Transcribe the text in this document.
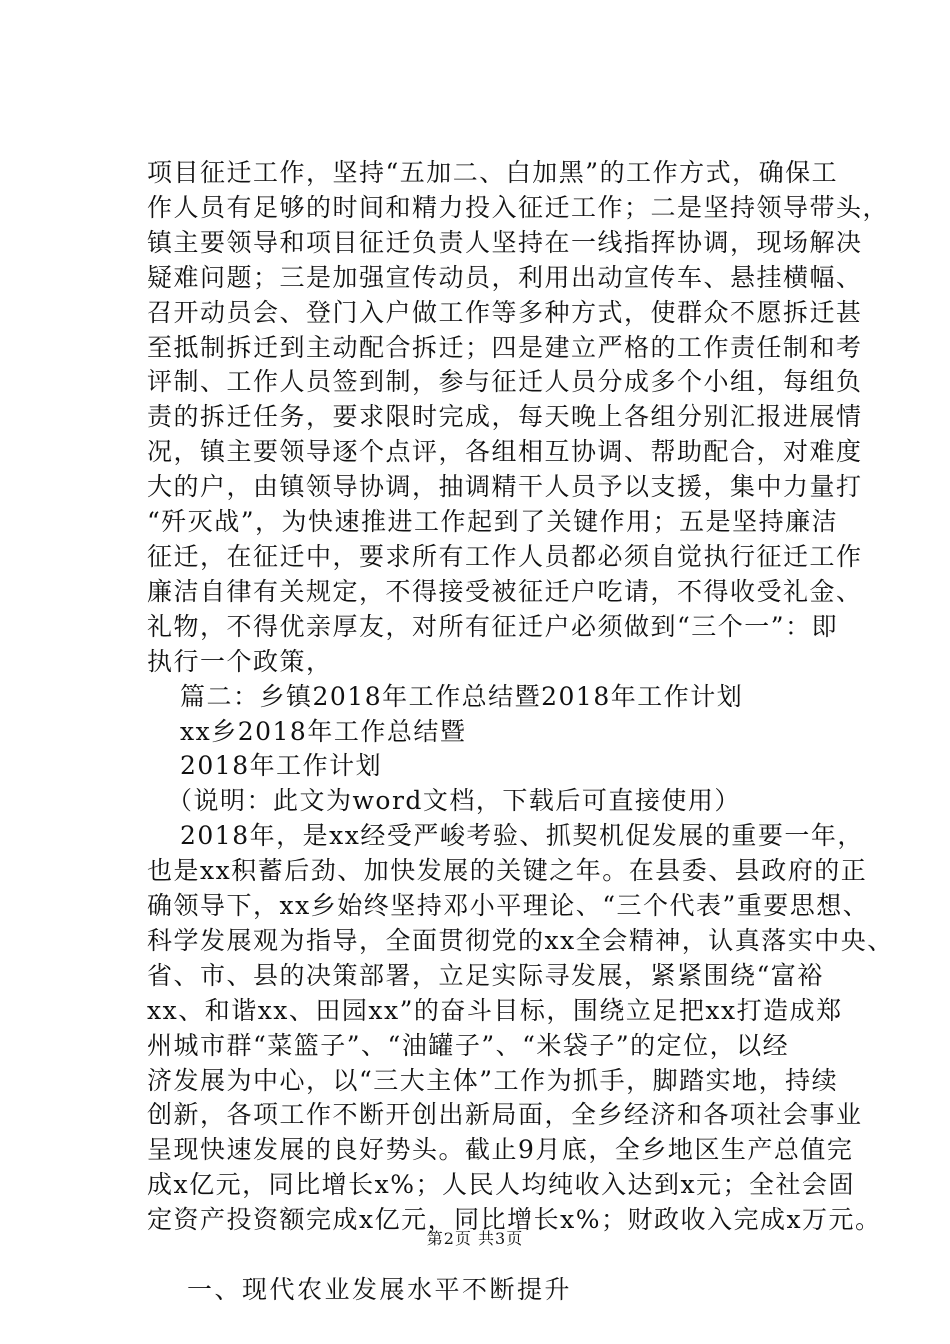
项目征迁工作，坚持“五加二、白加黑”的工作方式，确保工

作人员有足够的时间和精力投入征迁工作；二是坚持领导带头，

镇主要领导和项目征迁负责人坚持在一线指挥协调，现场解决

疑难问题；三是加强宣传动员，利用出动宣传车、悬挂横幅、

召开动员会、登门入户做工作等多种方式，使群众不愿拆迁甚

至抵制拆迁到主动配合拆迁；四是建立严格的工作责任制和考

评制、工作人员签到制，参与征迁人员分成多个小组，每组负

责的拆迁任务，要求限时完成，每天晚上各组分别汇报进展情

况，镇主要领导逐个点评，各组相互协调、帮助配合，对难度

大的户，由镇领导协调，抽调精干人员予以支援，集中力量打

“歼灭战”，为快速推进工作起到了关键作用；五是坚持廉洁

征迁，在征迁中，要求所有工作人员都必须自觉执行征迁工作

廉洁自律有关规定，不得接受被征迁户吃请，不得收受礼金、

礼物，不得优亲厚友，对所有征迁户必须做到“三个一”：即

执行一个政策，

篇二：乡镇2018年工作总结暨2018年工作计划

xx乡2018年工作总结暨

2018年工作计划

（说明：此文为word文档，下载后可直接使用）

2018年，是xx经受严峻考验、抓契机促发展的重要一年，

也是xx积蓄后劲、加快发展的关键之年。在县委、县政府的正

确领导下，xx乡始终坚持邓小平理论、“三个代表”重要思想、

科学发展观为指导，全面贯彻党的xx全会精神，认真落实中央、

省、市、县的决策部署，立足实际寻发展，紧紧围绕“富裕

xx、和谐xx、田园xx”的奋斗目标，围绕立足把xx打造成郑

州城市群“菜篮子”、“油罐子”、“米袋子”的定位，以经

济发展为中心，以“三大主体”工作为抓手，脚踏实地，持续

创新，各项工作不断开创出新局面，全乡经济和各项社会事业

呈现快速发展的良好势头。截止9月底，全乡地区生产总值完

成x亿元，同比增长x%；人民人均纯收入达到x元；全社会固

定资产投资额完成x亿元，同比增长x%；财政收入完成x万元。

一、现代农业发展水平不断提升

第2页 共3页
